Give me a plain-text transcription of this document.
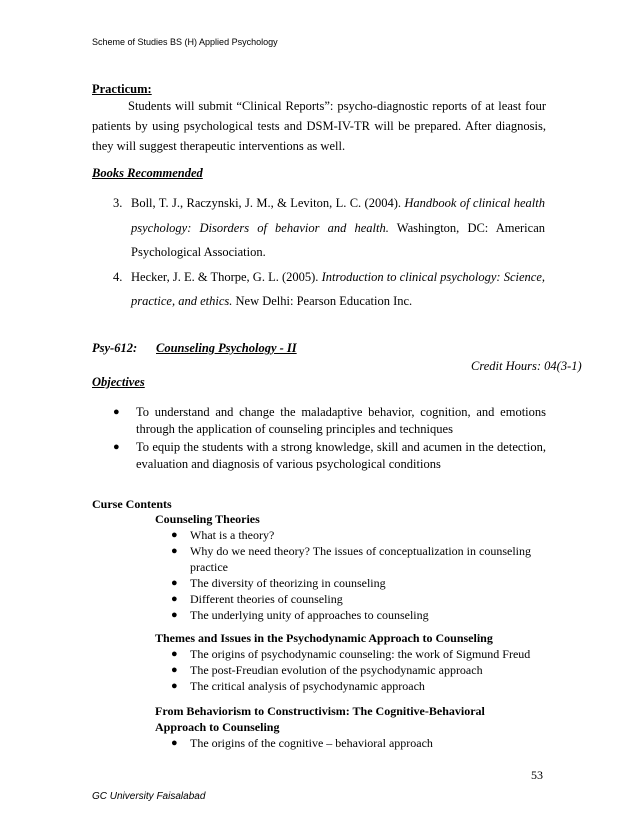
Scheme of Studies BS (H) Applied Psychology
Practicum:
Students will submit “Clinical Reports”: psycho-diagnostic reports of at least four patients by using psychological tests and DSM-IV-TR will be prepared. After diagnosis, they will suggest therapeutic interventions as well.
Books Recommended
3. Boll, T. J., Raczynski, J. M., & Leviton, L. C. (2004). Handbook of clinical health psychology: Disorders of behavior and health. Washington, DC: American Psychological Association.
4. Hecker, J. E. & Thorpe, G. L. (2005). Introduction to clinical psychology: Science, practice, and ethics. New Delhi: Pearson Education Inc.
Psy-612: Counseling Psychology - II
Credit Hours: 04(3-1)
Objectives
●	To understand and change the maladaptive behavior, cognition, and emotions through the application of counseling principles and techniques
●	To equip the students with a strong knowledge, skill and acumen in the detection, evaluation and diagnosis of various psychological conditions
Curse Contents
Counseling Theories
●	What is a theory?
●	Why do we need theory? The issues of conceptualization in counseling practice
●	The diversity of theorizing in counseling
●	Different theories of counseling
●	The underlying unity of approaches to counseling
Themes and Issues in the Psychodynamic Approach to Counseling
●	The origins of psychodynamic counseling: the work of Sigmund Freud
●	The post-Freudian evolution of the psychodynamic approach
●	The critical analysis of psychodynamic approach
From Behaviorism to Constructivism: The Cognitive-Behavioral Approach to Counseling
●	The origins of the cognitive – behavioral approach
53
GC University Faisalabad
